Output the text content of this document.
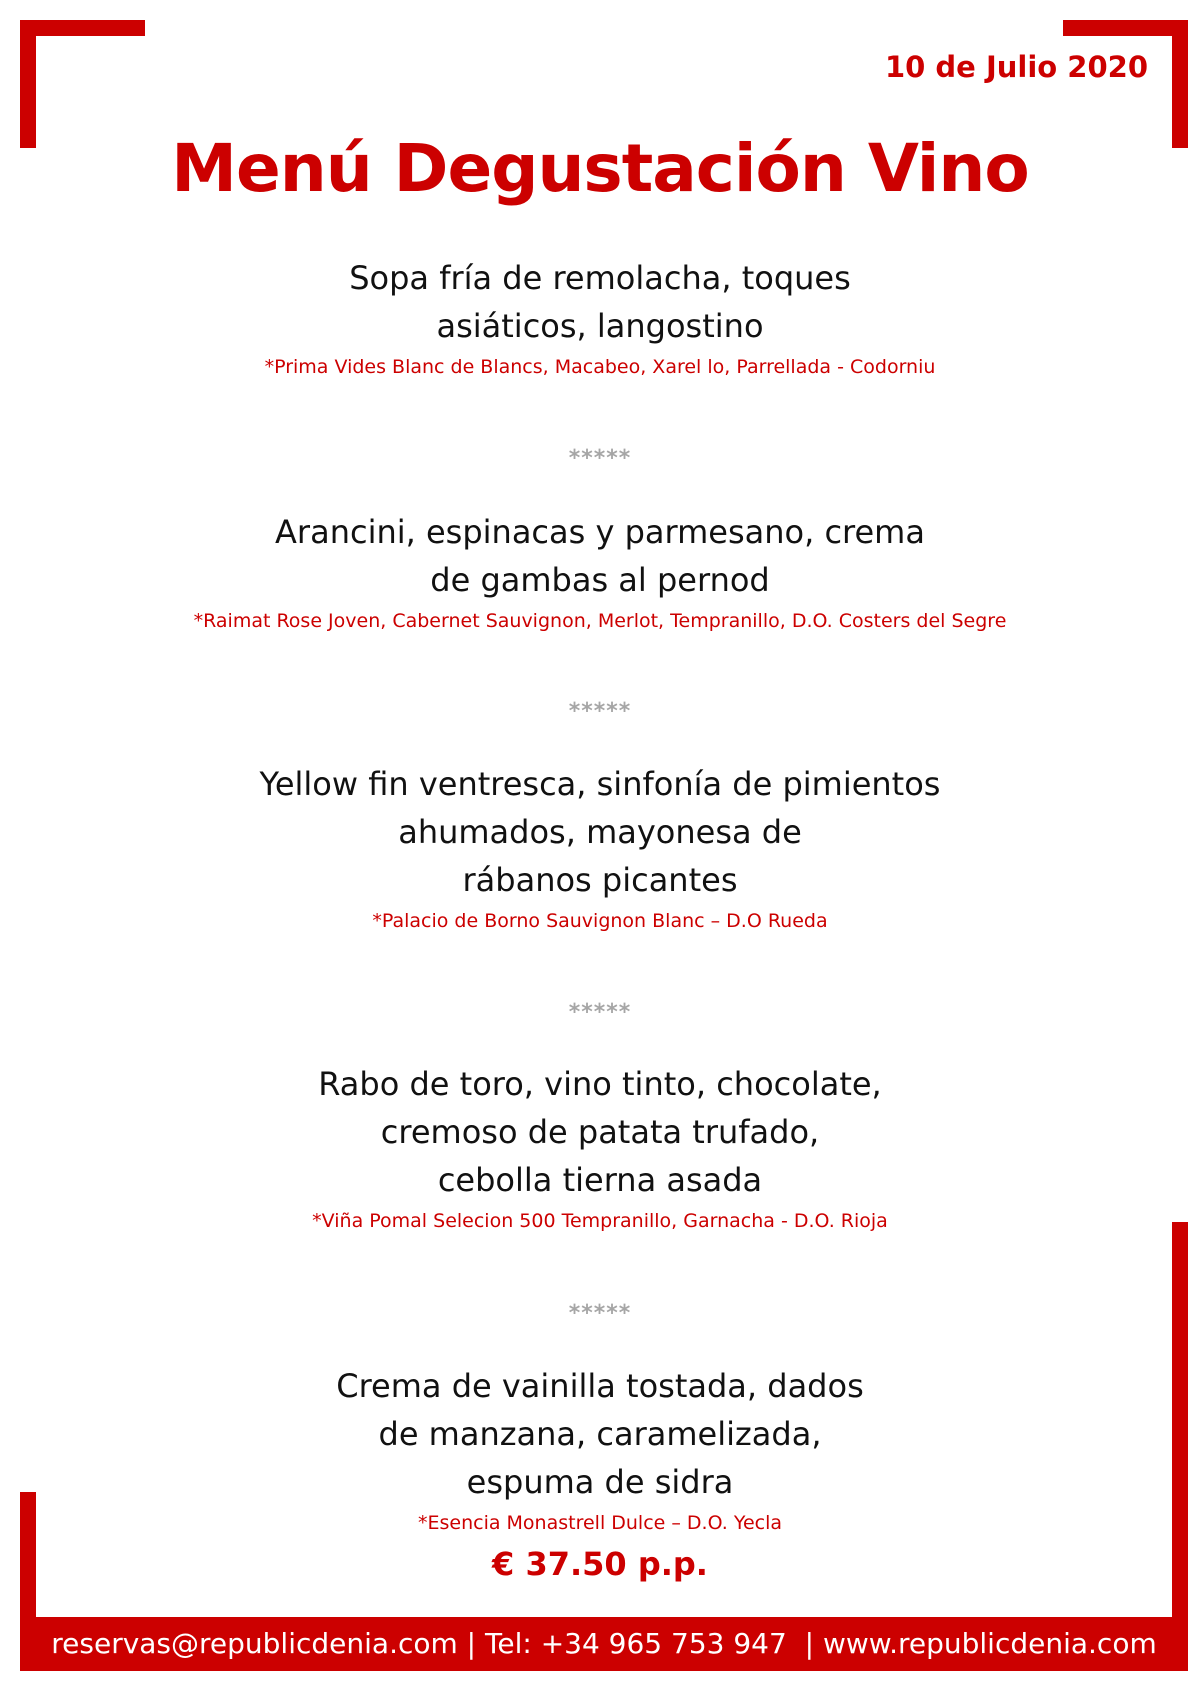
10 de Julio 2020
Menú Degustación Vino
Sopa fría de remolacha, toques
asiáticos, langostino
*Prima Vides Blanc de Blancs, Macabeo, Xarel lo, Parrellada - Codorniu
*****
Arancini, espinacas y parmesano, crema
de gambas al pernod
*Raimat Rose Joven, Cabernet Sauvignon, Merlot, Tempranillo, D.O. Costers del Segre
*****
Yellow fin ventresca, sinfonía de pimientos
ahumados, mayonesa de
rábanos picantes
*Palacio de Borno Sauvignon Blanc – D.O Rueda
*****
Rabo de toro, vino tinto, chocolate,
cremoso de patata trufado,
cebolla tierna asada
*Viña Pomal Selecion 500 Tempranillo, Garnacha - D.O. Rioja
*****
Crema de vainilla tostada, dados
de manzana, caramelizada,
espuma de sidra
*Esencia Monastrell Dulce – D.O. Yecla
€ 37.50 p.p.
reservas@republicdenia.com | Tel: +34 965 753 947  | www.republicdenia.com
